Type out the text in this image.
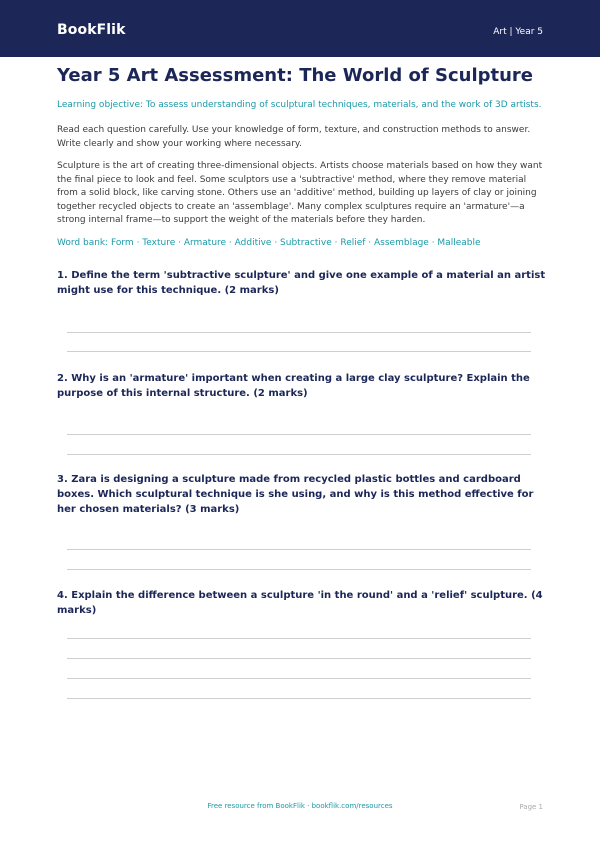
BookFlik	Art | Year 5
Year 5 Art Assessment: The World of Sculpture
Learning objective: To assess understanding of sculptural techniques, materials, and the work of 3D artists.
Read each question carefully. Use your knowledge of form, texture, and construction methods to answer. Write clearly and show your working where necessary.
Sculpture is the art of creating three-dimensional objects. Artists choose materials based on how they want the final piece to look and feel. Some sculptors use a 'subtractive' method, where they remove material from a solid block, like carving stone. Others use an 'additive' method, building up layers of clay or joining together recycled objects to create an 'assemblage'. Many complex sculptures require an 'armature'—a strong internal frame—to support the weight of the materials before they harden.
Word bank: Form · Texture · Armature · Additive · Subtractive · Relief · Assemblage · Malleable
1. Define the term 'subtractive sculpture' and give one example of a material an artist might use for this technique. (2 marks)
2. Why is an 'armature' important when creating a large clay sculpture? Explain the purpose of this internal structure. (2 marks)
3. Zara is designing a sculpture made from recycled plastic bottles and cardboard boxes. Which sculptural technique is she using, and why is this method effective for her chosen materials? (3 marks)
4. Explain the difference between a sculpture 'in the round' and a 'relief' sculpture. (4 marks)
Free resource from BookFlik · bookflik.com/resources	Page 1
